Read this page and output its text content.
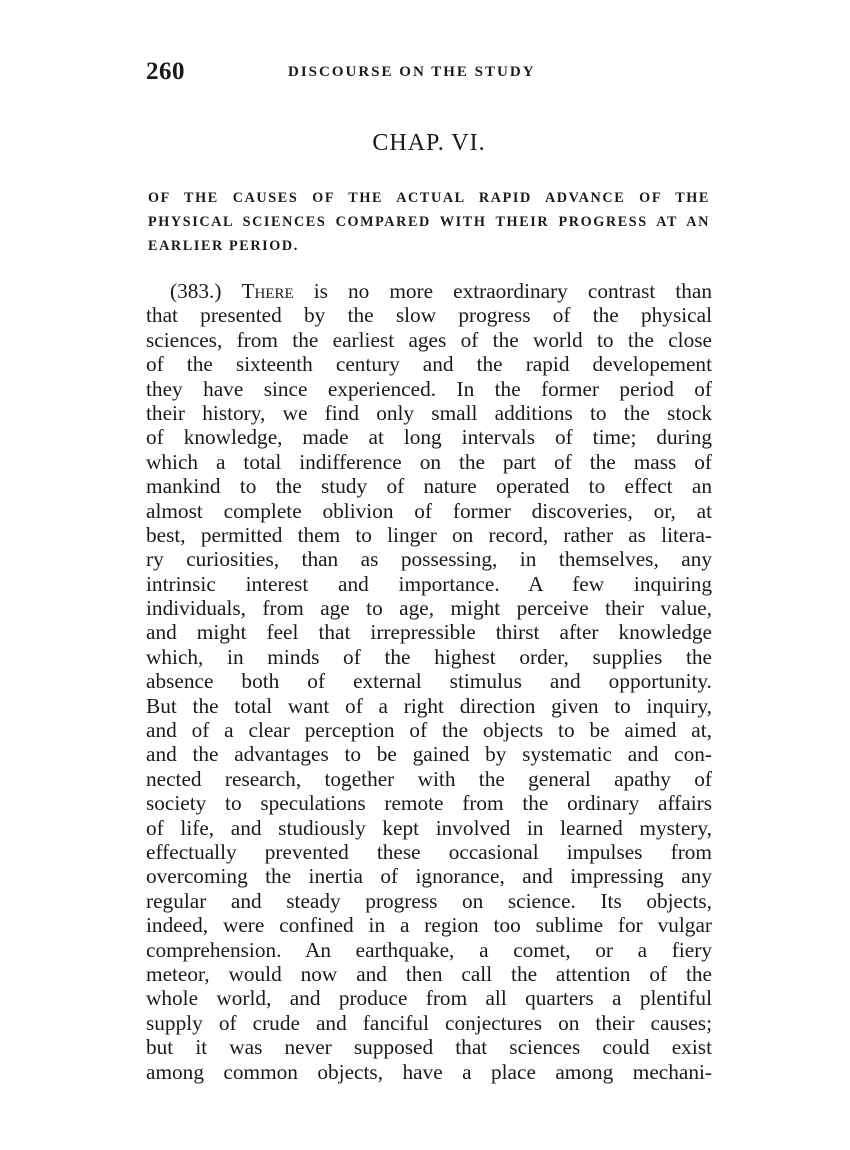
260	DISCOURSE ON THE STUDY
CHAP. VI.

OF THE CAUSES OF THE ACTUAL RAPID ADVANCE OF THE PHYSICAL SCIENCES COMPARED WITH THEIR PROGRESS AT AN EARLIER PERIOD.

(383.) There is no more extraordinary contrast than
that presented by the slow progress of the physical
sciences, from the earliest ages of the world to the close
of the sixteenth century and the rapid developement
they have since experienced. In the former period of
their history, we find only small additions to the stock
of knowledge, made at long intervals of time; during
which a total indifference on the part of the mass of
mankind to the study of nature operated to effect an
almost complete oblivion of former discoveries, or, at
best, permitted them to linger on record, rather as litera-
ry curiosities, than as possessing, in themselves, any
intrinsic interest and importance. A few inquiring
individuals, from age to age, might perceive their value,
and might feel that irrepressible thirst after knowledge
which, in minds of the highest order, supplies the
absence both of external stimulus and opportunity.
But the total want of a right direction given to inquiry,
and of a clear perception of the objects to be aimed at,
and the advantages to be gained by systematic and con-
nected research, together with the general apathy of
society to speculations remote from the ordinary affairs
of life, and studiously kept involved in learned mystery,
effectually prevented these occasional impulses from
overcoming the inertia of ignorance, and impressing any
regular and steady progress on science. Its objects,
indeed, were confined in a region too sublime for vulgar
comprehension. An earthquake, a comet, or a fiery
meteor, would now and then call the attention of the
whole world, and produce from all quarters a plentiful
supply of crude and fanciful conjectures on their causes;
but it was never supposed that sciences could exist
among common objects, have a place among mechani-
